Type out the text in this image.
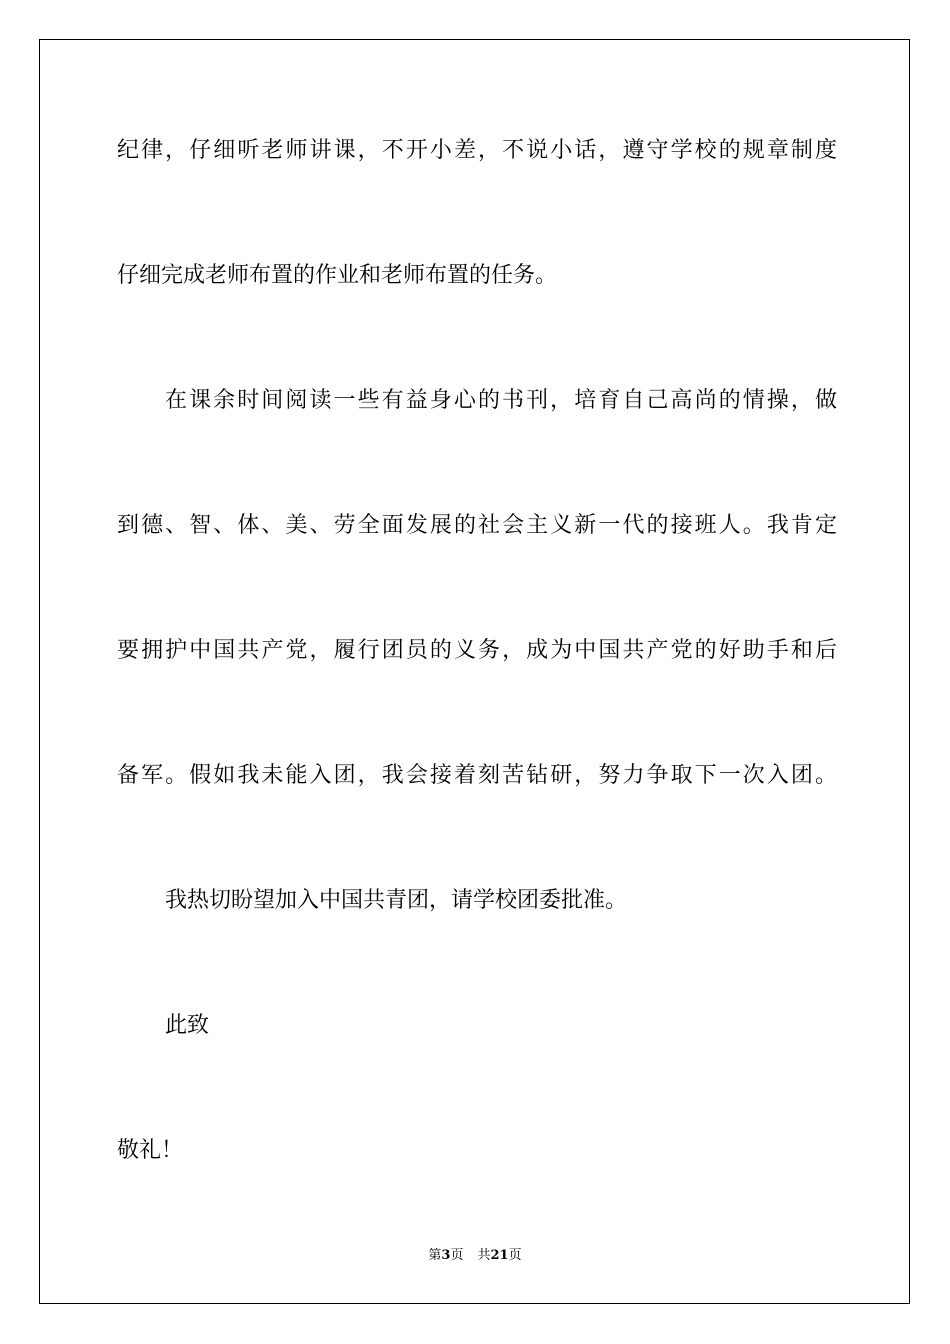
纪律，仔细听老师讲课，不开小差，不说小话，遵守学校的规章制度
仔细完成老师布置的作业和老师布置的任务。
在课余时间阅读一些有益身心的书刊，培育自己高尚的情操，做
到德、智、体、美、劳全面发展的社会主义新一代的接班人。我肯定
要拥护中国共产党，履行团员的义务，成为中国共产党的好助手和后
备军。假如我未能入团，我会接着刻苦钻研，努力争取下一次入团。
我热切盼望加入中国共青团，请学校团委批准。
此致
敬礼！
第3页 共21页
